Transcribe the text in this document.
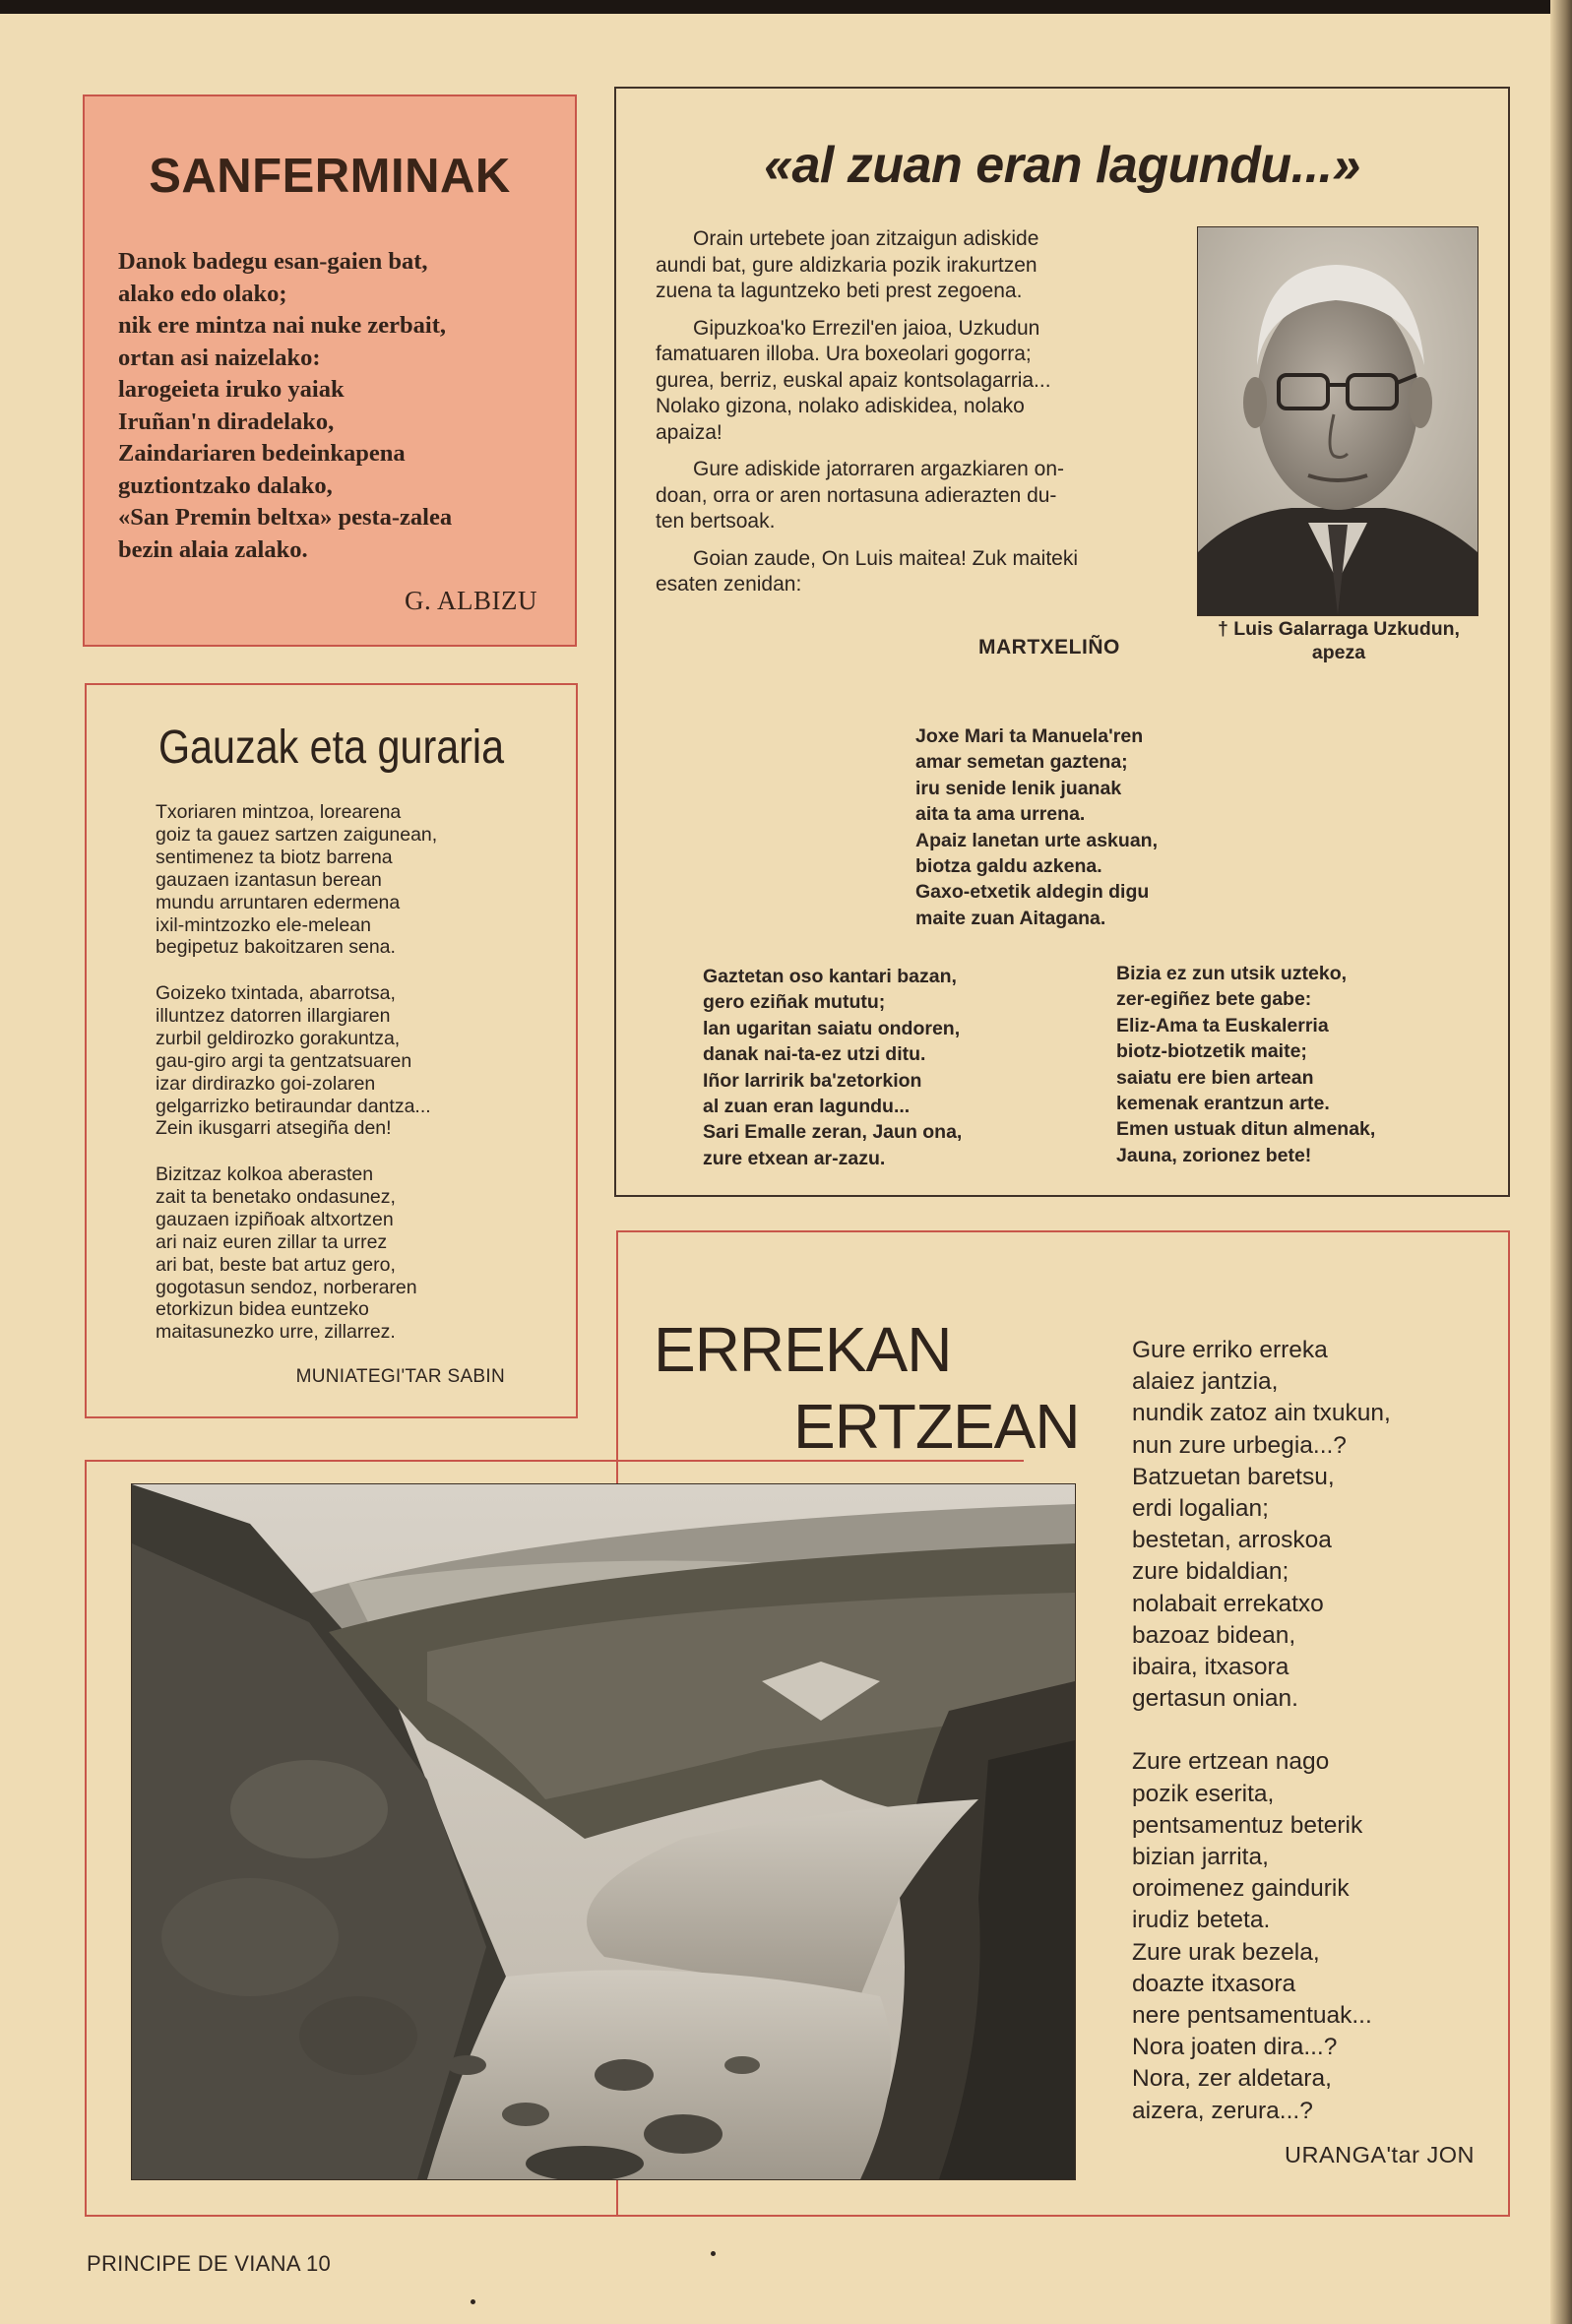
SANFERMINAK
Danok badegu esan-gaien bat,
alako edo olako;
nik ere mintza nai nuke zerbait,
ortan asi naizelako:
larogeieta iruko yaiak
Iruñan'n diradelako,
Zaindariaren bedeinkapena
guztiontzako dalako,
«San Premin beltxa» pesta-zalea
bezin alaia zalako.

G. ALBIZU

Gauzak eta guraria
Txoriaren mintzoa, lorearena
goiz ta gauez sartzen zaigunean,
sentimenez ta biotz barrena
gauzaen izantasun berean
mundu arruntaren edermena
ixil-mintzozko ele-melean
begipetuz bakoitzaren sena.
Goizeko txintada, abarrotsa,
illuntzez datorren illargiaren
zurbil geldirozko gorakuntza,
gau-giro argi ta gentzatsuaren
izar dirdirazko goi-zolaren
gelgarrizko betiraundar dantza...
Zein ikusgarri atsegiña den!
Bizitzaz kolkoa aberasten
zait ta benetako ondasunez,
gauzaen izpiñoak altxortzen
ari naiz euren zillar ta urrez
ari bat, beste bat artuz gero,
gogotasun sendoz, norberaren
etorkizun bidea euntzeko
maitasunezko urre, zillarrez.

MUNIATEGI'TAR SABIN

«al zuan eran lagundu...»

Orain urtebete joan zitzaigun adiskide
aundi bat, gure aldizkaria pozik irakurtzen
zuena ta laguntzeko beti prest zegoena.

Gipuzkoa'ko Errezil'en jaioa, Uzkudun
famatuaren illoba. Ura boxeolari gogorra;
gurea, berriz, euskal apaiz kontsolagarria...
Nolako gizona, nolako adiskidea, nolako
apaiza!

Gure adiskide jatorraren argazkiaren on-
doan, orra or aren nortasuna adierazten du-
ten bertsoak.

Goian zaude, On Luis maitea! Zuk maiteki
esaten zenidan:

† Luis Galarraga Uzkudun,
apeza

MARTXELIÑO

Joxe Mari ta Manuela'ren
amar semetan gaztena;
iru senide lenik juanak
aita ta ama urrena.
Apaiz lanetan urte askuan,
biotza galdu azkena.
Gaxo-etxetik aldegin digu
maite zuan Aitagana.
Gaztetan oso kantari bazan,
gero eziñak mututu;
lan ugaritan saiatu ondoren,
danak nai-ta-ez utzi ditu.
Iñor larririk ba'zetorkion
al zuan eran lagundu...
Sari Emalle zeran, Jaun ona,
zure etxean ar-zazu.
Bizia ez zun utsik uzteko,
zer-egiñez bete gabe:
Eliz-Ama ta Euskalerria
biotz-biotzetik maite;
saiatu ere bien artean
kemenak erantzun arte.
Emen ustuak ditun almenak,
Jauna, zorionez bete!
ERREKAN
ERTZEAN
Gure erriko erreka
alaiez jantzia,
nundik zatoz ain txukun,
nun zure urbegia...?
Batzuetan baretsu,
erdi logalian;
bestetan, arroskoa
zure bidaldian;
nolabait errekatxo
bazoaz bidean,
ibaira, itxasora
gertasun onian.
Zure ertzean nago
pozik eserita,
pentsamentuz beterik
bizian jarrita,
oroimenez gaindurik
irudiz beteta.
Zure urak bezela,
doazte itxasora
nere pentsamentuak...
Nora joaten dira...?
Nora, zer aldetara,
aizera, zerura...?

URANGA'tar JON

PRINCIPE DE VIANA 10
